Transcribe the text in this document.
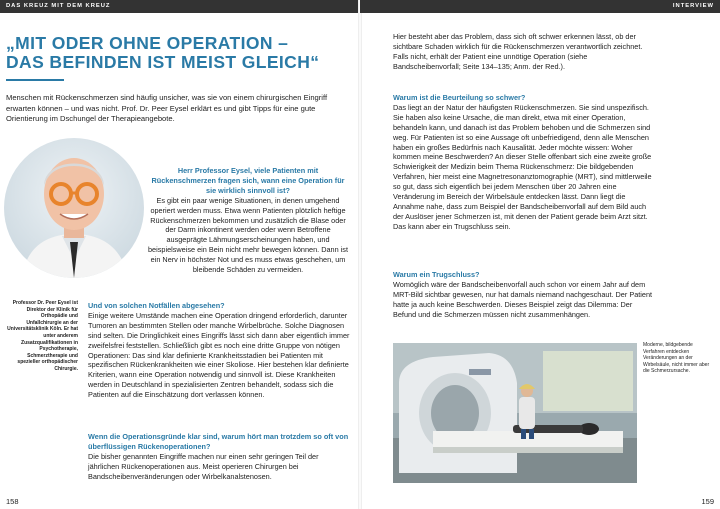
DAS KREUZ MIT DEM KREUZ
„MIT ODER OHNE OPERATION –
DAS BEFINDEN IST MEIST GLEICH“

Menschen mit Rückenschmerzen sind häufig unsicher, was sie von einem chirurgischen Eingriff erwarten können – und was nicht. Prof. Dr. Peer Eysel erklärt es und gibt Tipps für eine gute Orientierung im Dschungel der Therapieangebote.

Professor Dr. Peer Eysel ist Direktor der Klinik für Orthopädie und Unfallchirurgie an der Universitätsklinik Köln. Er hat unter anderem Zusatzqualifikationen in Psychotherapie, Schmerztherapie und spezieller orthopädischer Chirurgie.

Herr Professor Eysel, viele Patienten mit Rückenschmerzen fragen sich, wann eine Operation für sie wirklich sinnvoll ist?
Es gibt ein paar wenige Situationen, in denen umgehend operiert werden muss. Etwa wenn Patienten plötzlich heftige Rückenschmerzen bekommen und zusätzlich die Blase oder der Darm inkontinent werden oder wenn Betroffene ausgeprägte Lähmungserscheinungen haben, und beispielsweise ein Bein nicht mehr bewegen können. Dann ist ein Nerv in höchster Not und es muss etwas geschehen, um bleibende Schäden zu vermeiden.
Und von solchen Notfällen abgesehen?
Einige weitere Umstände machen eine Operation dringend erforderlich, darunter Tumoren an bestimmten Stellen oder manche Wirbelbrüche. Solche Diagnosen sind selten. Die Dringlichkeit eines Eingriffs lässt sich dann aber eigentlich immer zweifelsfrei feststellen. Schließlich gibt es noch eine dritte Gruppe von nötigen Operationen: Das sind klar definierte Krankheitsstadien bei Patienten mit spezifischen Rückenkrankheiten wie einer Skoliose. Hier bestehen klar definierte Kriterien, wann eine Operation notwendig und sinnvoll ist. Diese Krankheiten werden in Deutschland in spezialisierten Zentren behandelt, sodass sich die Patienten auf die Einschätzung dort verlassen können.
Wenn die Operationsgründe klar sind, warum hört man trotzdem so oft von überflüssigen Rückenoperationen?
Die bisher genannten Eingriffe machen nur einen sehr geringen Teil der jährlichen Rückenoperationen aus. Meist operieren Chirurgen bei Bandscheibenveränderungen oder Wirbelkanalstenosen.
158
INTERVIEW
Hier besteht aber das Problem, dass sich oft schwer erkennen lässt, ob der sichtbare Schaden wirklich für die Rückenschmerzen verantwortlich zeichnet. Falls nicht, erhält der Patient eine unnötige Operation (siehe Bandscheibenvorfall; Seite 134–135; Anm. der Red.).
Warum ist die Beurteilung so schwer?
Das liegt an der Natur der häufigsten Rückenschmerzen. Sie sind unspezifisch. Sie haben also keine Ursache, die man direkt, etwa mit einer Operation, behandeln kann, und danach ist das Problem behoben und die Schmerzen sind weg. Für Patienten ist so eine Aussage oft unbefriedigend, denn alle Menschen haben ein großes Bedürfnis nach Kausalität. Jeder möchte wissen: Woher kommen meine Beschwerden? An dieser Stelle offenbart sich eine zweite große Schwierigkeit der Medizin beim Thema Rückenschmerz: Die bildgebenden Verfahren, hier meist eine Magnetresonanztomographie (MRT), sind mittlerweile so gut, dass sich eigentlich bei jedem Menschen über 20 Jahren eine Veränderung im Bereich der Wirbelsäule entdecken lässt. Dann liegt die Annahme nahe, dass zum Beispiel der Bandscheibenvorfall auf dem Bild auch der Auslöser jener Schmerzen ist, mit denen der Patient gerade beim Arzt sitzt. Das kann aber ein Trugschluss sein.
Warum ein Trugschluss?
Womöglich wäre der Bandscheibenvorfall auch schon vor einem Jahr auf dem MRT-Bild sichtbar gewesen, nur hat damals niemand nachgeschaut. Der Patient hatte ja auch keine Beschwerden. Dieses Beispiel zeigt das Dilemma: Der Befund und die Schmerzen müssen nicht zusammenhängen.

Moderne, bildgebende Verfahren entdecken Veränderungen an der Wirbelsäule, nicht immer aber die Schmerzursache.

159
